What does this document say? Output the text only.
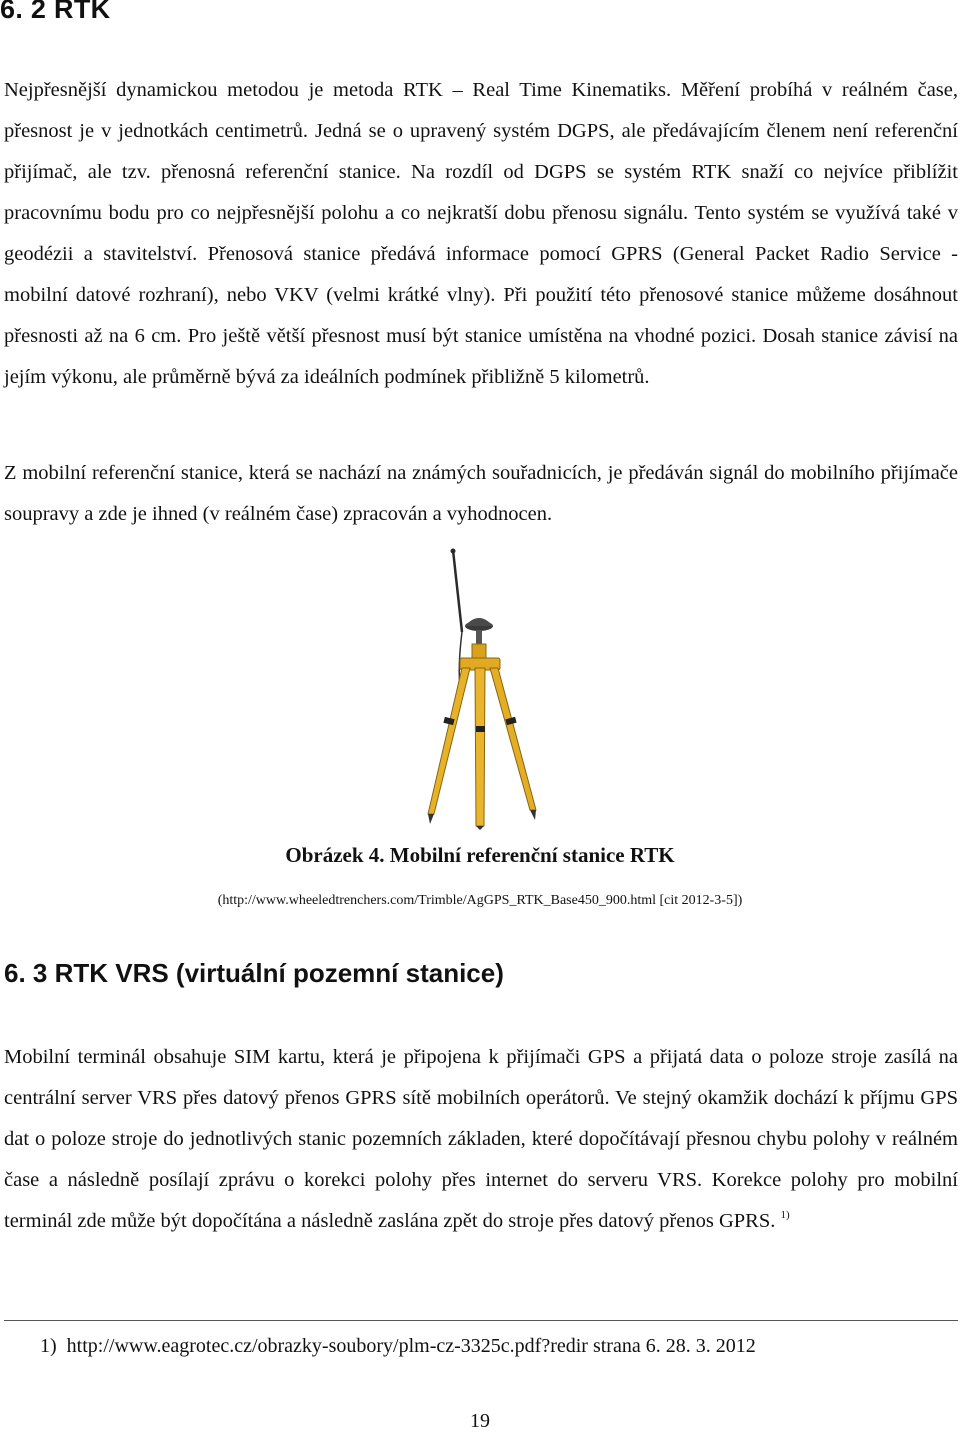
6. 2 RTK

Nejpřesnější dynamickou metodou je metoda RTK – Real Time Kinematiks. Měření probíhá v reálném čase, přesnost je v jednotkách centimetrů. Jedná se o upravený systém DGPS, ale předávajícím členem není referenční přijímač, ale tzv. přenosná referenční stanice. Na rozdíl od DGPS se systém RTK snaží co nejvíce přiblížit pracovnímu bodu pro co nejpřesnější polohu a co nejkratší dobu přenosu signálu. Tento systém se využívá také v geodézii a stavitelství. Přenosová stanice předává informace pomocí GPRS (General Packet Radio Service - mobilní datové rozhraní), nebo VKV (velmi krátké vlny). Při použití této přenosové stanice můžeme dosáhnout přesnosti až na 6 cm. Pro ještě větší přesnost musí být stanice umístěna na vhodné pozici. Dosah stanice závisí na jejím výkonu, ale průměrně bývá za ideálních podmínek přibližně 5 kilometrů.

Z mobilní referenční stanice, která se nachází na známých souřadnicích, je předáván signál do mobilního přijímače soupravy a zde je ihned (v reálném čase) zpracován a vyhodnocen.

Obrázek 4. Mobilní referenční stanice RTK
(http://www.wheeledtrenchers.com/Trimble/AgGPS_RTK_Base450_900.html [cit 2012-3-5])
6. 3 RTK VRS (virtuální pozemní stanice)

Mobilní terminál obsahuje SIM kartu, která je připojena k přijímači GPS a přijatá data o poloze stroje zasílá na centrální server VRS přes datový přenos GPRS sítě mobilních operátorů. Ve stejný okamžik dochází k příjmu GPS dat o poloze stroje do jednotlivých stanic pozemních základen, které dopočítávají přesnou chybu polohy v reálném čase a následně posílají zprávu o korekci polohy přes internet do serveru VRS. Korekce polohy pro mobilní terminál zde může být dopočítána a následně zaslána zpět do stroje přes datový přenos GPRS. $^{1)}$

1) http://www.eagrotec.cz/obrazky-soubory/plm-cz-3325c.pdf?redir strana 6. 28. 3. 2012
19
